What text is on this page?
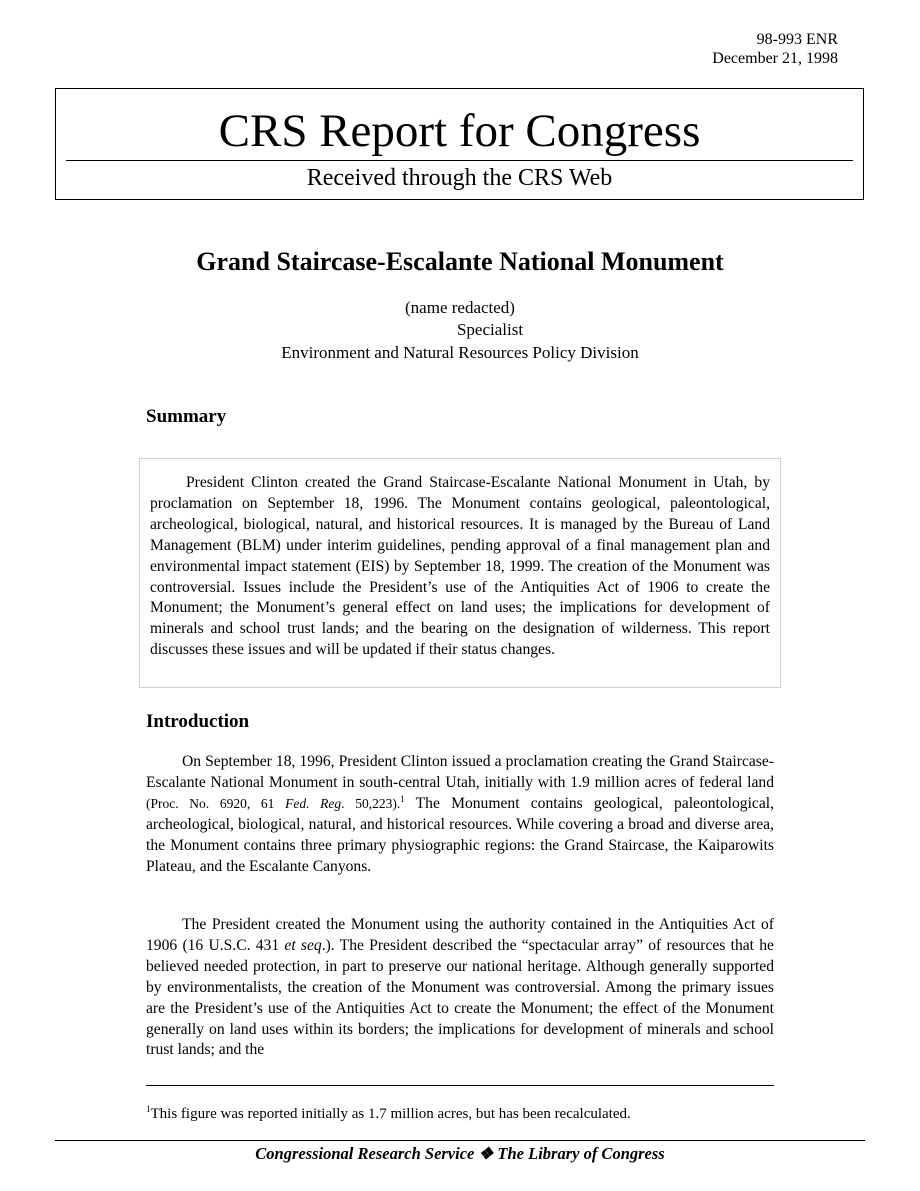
98-993 ENR
December 21, 1998
CRS Report for Congress
Received through the CRS Web
Grand Staircase-Escalante National Monument
(name redacted)
Specialist
Environment and Natural Resources Policy Division
Summary

President Clinton created the Grand Staircase-Escalante National Monument in Utah, by proclamation on September 18, 1996. The Monument contains geological, paleontological, archeological, biological, natural, and historical resources. It is managed by the Bureau of Land Management (BLM) under interim guidelines, pending approval of a final management plan and environmental impact statement (EIS) by September 18, 1999. The creation of the Monument was controversial. Issues include the President’s use of the Antiquities Act of 1906 to create the Monument; the Monument’s general effect on land uses; the implications for development of minerals and school trust lands; and the bearing on the designation of wilderness. This report discusses these issues and will be updated if their status changes.

Introduction

On September 18, 1996, President Clinton issued a proclamation creating the Grand Staircase-Escalante National Monument in south-central Utah, initially with 1.9 million acres of federal land (Proc. No. 6920, 61 Fed. Reg. 50,223).$^1$ The Monument contains geological, paleontological, archeological, biological, natural, and historical resources. While covering a broad and diverse area, the Monument contains three primary physiographic regions: the Grand Staircase, the Kaiparowits Plateau, and the Escalante Canyons.

The President created the Monument using the authority contained in the Antiquities Act of 1906 (16 U.S.C. 431 et seq.). The President described the “spectacular array” of resources that he believed needed protection, in part to preserve our national heritage. Although generally supported by environmentalists, the creation of the Monument was controversial. Among the primary issues are the President’s use of the Antiquities Act to create the Monument; the effect of the Monument generally on land uses within its borders; the implications for development of minerals and school trust lands; and the

$^1$This figure was reported initially as 1.7 million acres, but has been recalculated.
Congressional Research Service ❖ The Library of Congress
